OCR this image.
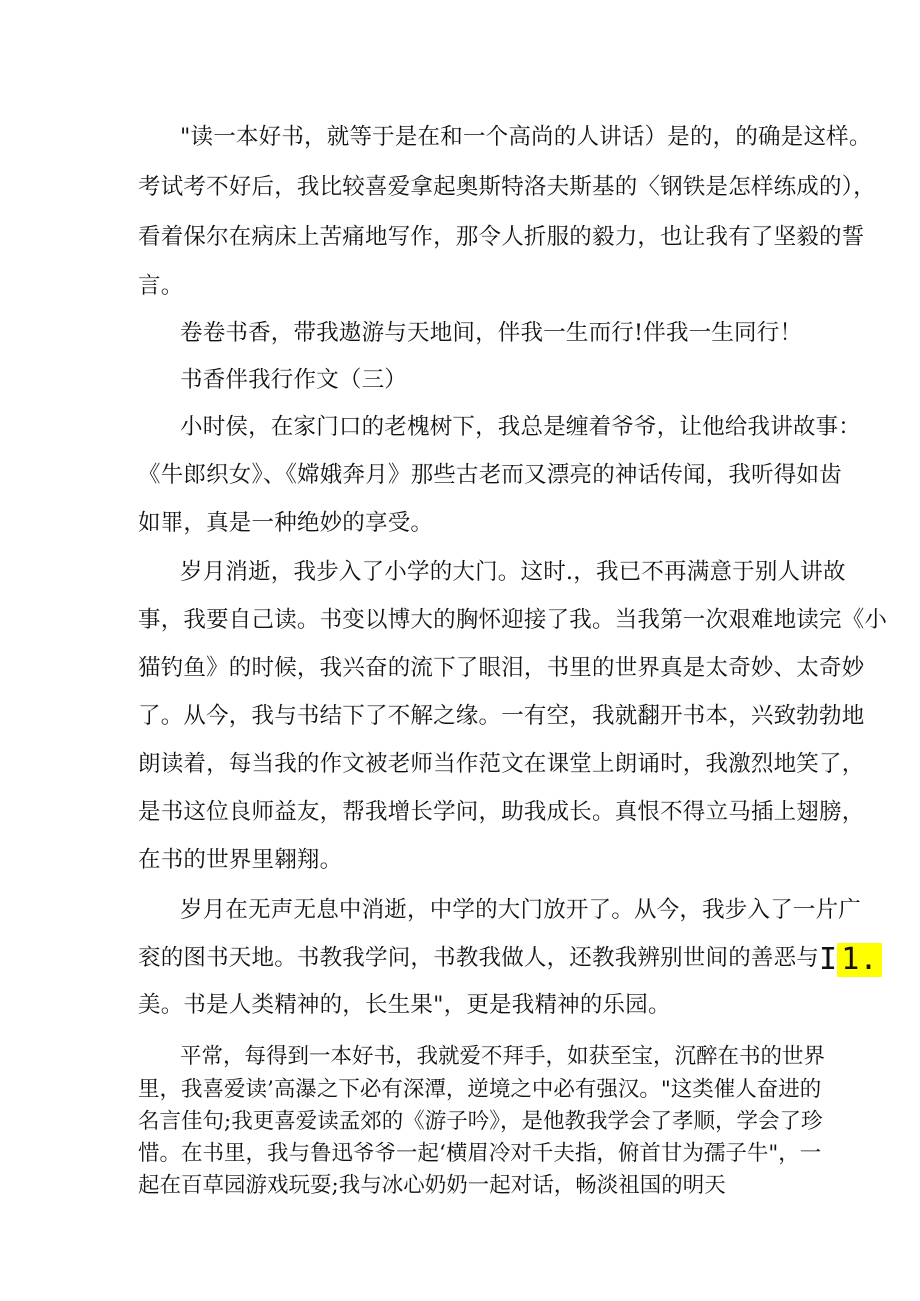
"读一本好书，就等于是在和一个高尚的人讲话）是的，的确是这样。

考试考不好后，我比较喜爱拿起奥斯特洛夫斯基的〈钢铁是怎样练成的），

看着保尔在病床上苦痛地写作，那令人折服的毅力，也让我有了坚毅的誓

言。

卷卷书香，带我遨游与天地间，伴我一生而行!伴我一生同行！

书香伴我行作文（三）

小时侯，在家门口的老槐树下，我总是缠着爷爷，让他给我讲故事：

《牛郎织女》、《嫦娥奔月》那些古老而又漂亮的神话传闻，我听得如齿

如罪，真是一种绝妙的享受。

岁月消逝，我步入了小学的大门。这时.，我已不再满意于别人讲故

事，我要自己读。书变以博大的胸怀迎接了我。当我第一次艰难地读完《小

猫钓鱼》的时候，我兴奋的流下了眼泪，书里的世界真是太奇妙、太奇妙

了。从今，我与书结下了不解之缘。一有空，我就翻开书本，兴致勃勃地

朗读着，每当我的作文被老师当作范文在课堂上朗诵时，我激烈地笑了，

是书这位良师益友，帮我增长学问，助我成长。真恨不得立马插上翅膀，

在书的世界里翱翔。

岁月在无声无息中消逝，中学的大门放开了。从今，我步入了一片广

衮的图书天地。书教我学问，书教我做人，还教我辨别世间的善恶与I 1.

美。书是人类精神的，长生果"，更是我精神的乐园。

平常，每得到一本好书，我就爱不拜手，如获至宝，沉醉在书的世界

里，我喜爱读’高瀑之下必有深潭，逆境之中必有强汉。"这类催人奋进的

名言佳句;我更喜爱读孟郊的《游子吟》，是他教我学会了孝顺，学会了珍

惜。在书里，我与鲁迅爷爷一起‘横眉冷对千夫指，俯首甘为孺子牛"，一

起在百草园游戏玩耍;我与冰心奶奶一起对话，畅淡祖国的明天
